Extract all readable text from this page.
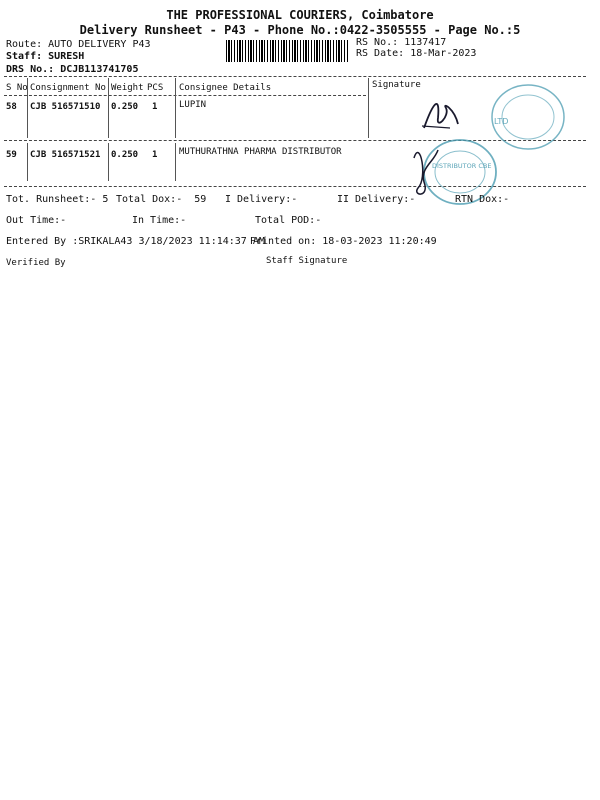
THE PROFESSIONAL COURIERS, Coimbatore
Delivery Runsheet - P43 - Phone No.:0422-3505555 - Page No.:5
Route: AUTO DELIVERY P43
Staff: SURESH
DRS No.: DCJB113741705
RS No.: 1137417
RS Date: 18-Mar-2023
S No Consignment No Weight PCS Consignee Details	Signature
58 CJB 516571510 0.250 1 LUPIN
59 CJB 516571521 0.250 1 MUTHURATHNA PHARMA DISTRIBUTOR
LTD
DISTRIBUTOR CBE
Tot. Runsheet:- 5 Total Dox:- 59 I Delivery:-	II Delivery:-	RTN Dox:-
Out Time:-	In Time:-	Total POD:-
Entered By :SRIKALA43 3/18/2023 11:14:37 AM
Printed on: 18-03-2023 11:20:49
Verified By	Staff Signature
